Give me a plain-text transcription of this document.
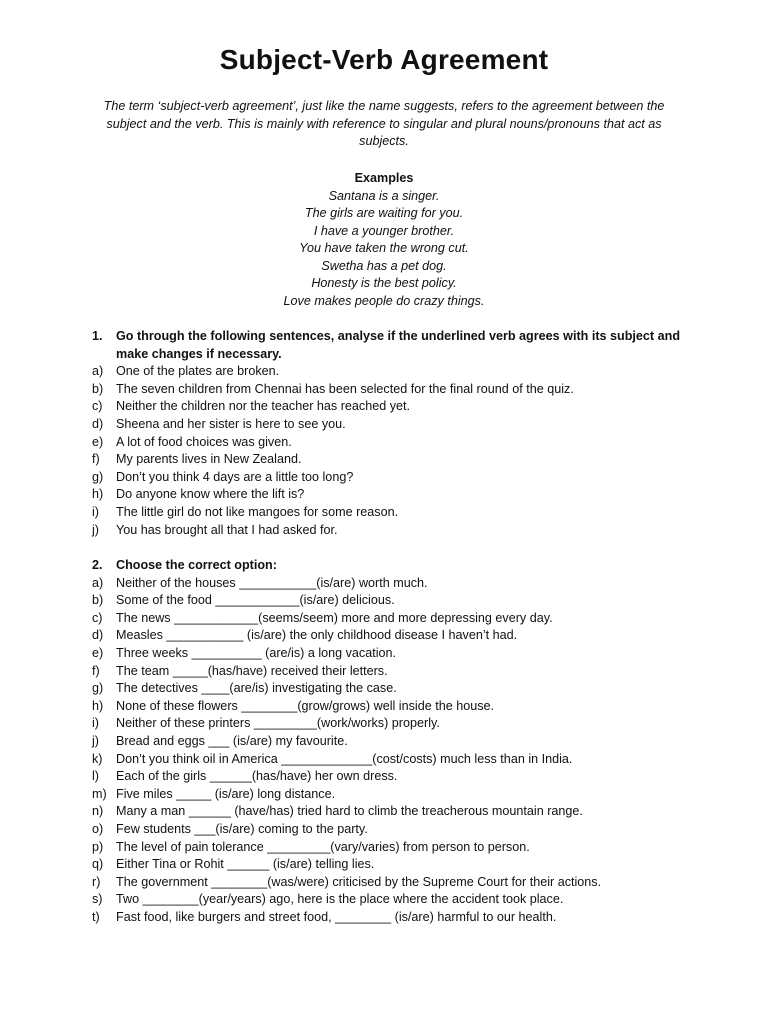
Subject-Verb Agreement
The term ‘subject-verb agreement’, just like the name suggests, refers to the agreement between the subject and the verb. This is mainly with reference to singular and plural nouns/pronouns that act as subjects.
Examples
Santana is a singer.
The girls are waiting for you.
I have a younger brother.
You have taken the wrong cut.
Swetha has a pet dog.
Honesty is the best policy.
Love makes people do crazy things.
1. Go through the following sentences, analyse if the underlined verb agrees with its subject and make changes if necessary.
a) One of the plates are broken.
b) The seven children from Chennai has been selected for the final round of the quiz.
c) Neither the children nor the teacher has reached yet.
d) Sheena and her sister is here to see you.
e) A lot of food choices was given.
f) My parents lives in New Zealand.
g) Don’t you think 4 days are a little too long?
h) Do anyone know where the lift is?
i) The little girl do not like mangoes for some reason.
j) You has brought all that I had asked for.
2. Choose the correct option:
a) Neither of the houses ___________(is/are) worth much.
b) Some of the food ____________(is/are) delicious.
c) The news ____________(seems/seem) more and more depressing every day.
d) Measles ___________ (is/are) the only childhood disease I haven’t had.
e) Three weeks __________ (are/is) a long vacation.
f) The team _____(has/have) received their letters.
g) The detectives ____(are/is) investigating the case.
h) None of these flowers ________(grow/grows) well inside the house.
i) Neither of these printers _________(work/works) properly.
j) Bread and eggs ___ (is/are) my favourite.
k) Don’t you think oil in America _____________(cost/costs) much less than in India.
l) Each of the girls ______(has/have) her own dress.
m) Five miles _____ (is/are) long distance.
n) Many a man ______ (have/has) tried hard to climb the treacherous mountain range.
o) Few students ___(is/are) coming to the party.
p) The level of pain tolerance _________(vary/varies) from person to person.
q) Either Tina or Rohit ______ (is/are) telling lies.
r) The government ________(was/were) criticised by the Supreme Court for their actions.
s) Two ________(year/years) ago, here is the place where the accident took place.
t) Fast food, like burgers and street food, ________ (is/are) harmful to our health.
